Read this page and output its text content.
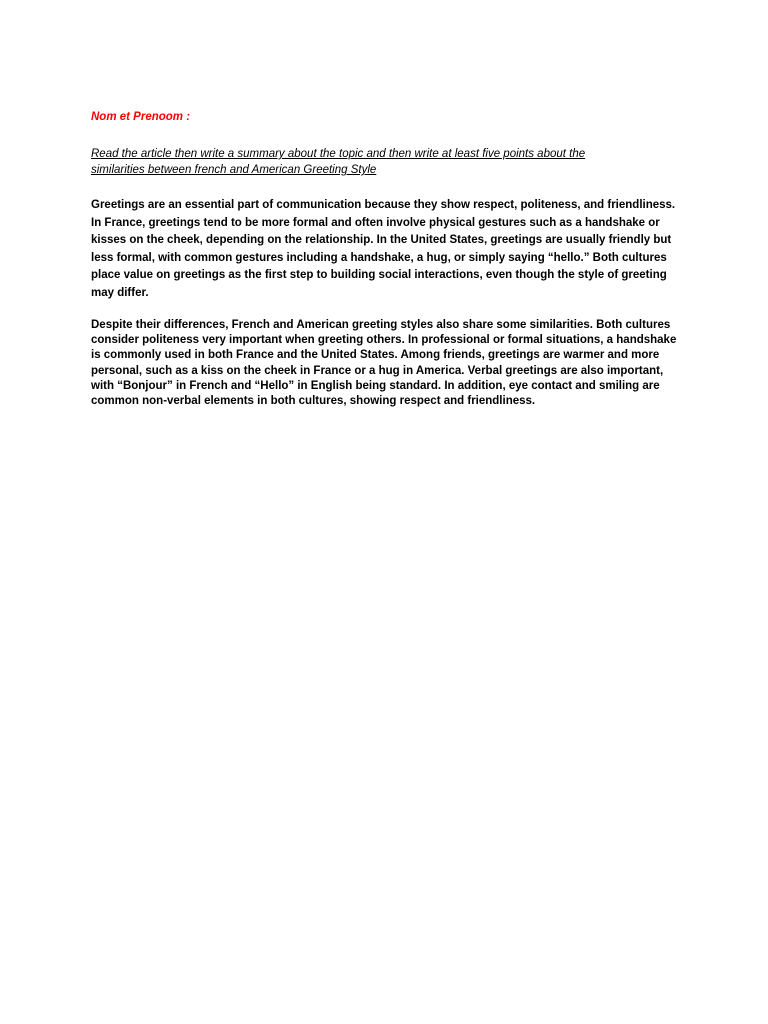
Nom et Prenoom :
Read the article then write a summary about the topic and then write at least five points about the similarities between french and American Greeting Style
Greetings are an essential part of communication because they show respect, politeness, and friendliness. In France, greetings tend to be more formal and often involve physical gestures such as a handshake or kisses on the cheek, depending on the relationship. In the United States, greetings are usually friendly but less formal, with common gestures including a handshake, a hug, or simply saying “hello.” Both cultures place value on greetings as the first step to building social interactions, even though the style of greeting may differ.
Despite their differences, French and American greeting styles also share some similarities. Both cultures consider politeness very important when greeting others. In professional or formal situations, a handshake is commonly used in both France and the United States. Among friends, greetings are warmer and more personal, such as a kiss on the cheek in France or a hug in America. Verbal greetings are also important, with “Bonjour” in French and “Hello” in English being standard. In addition, eye contact and smiling are common non-verbal elements in both cultures, showing respect and friendliness.
